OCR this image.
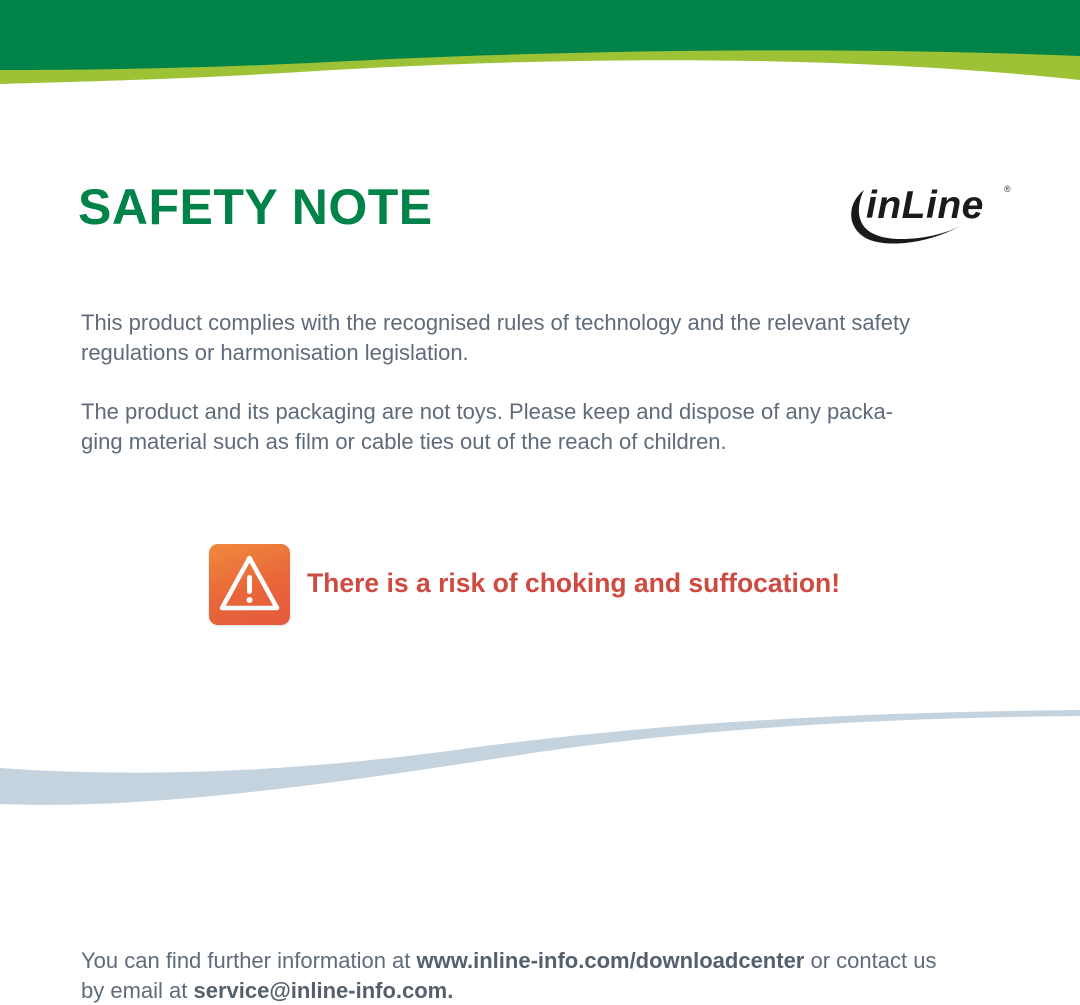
SAFETY NOTE	inLine ®

This product complies with the recognised rules of technology and the relevant safety
regulations or harmonisation legislation.

The product and its packaging are not toys. Please keep and dispose of any packa-
ging material such as film or cable ties out of the reach of children.

There is a risk of choking and suffocation!

You can find further information at www.inline-info.com/downloadcenter or contact us
by email at service@inline-info.com.
